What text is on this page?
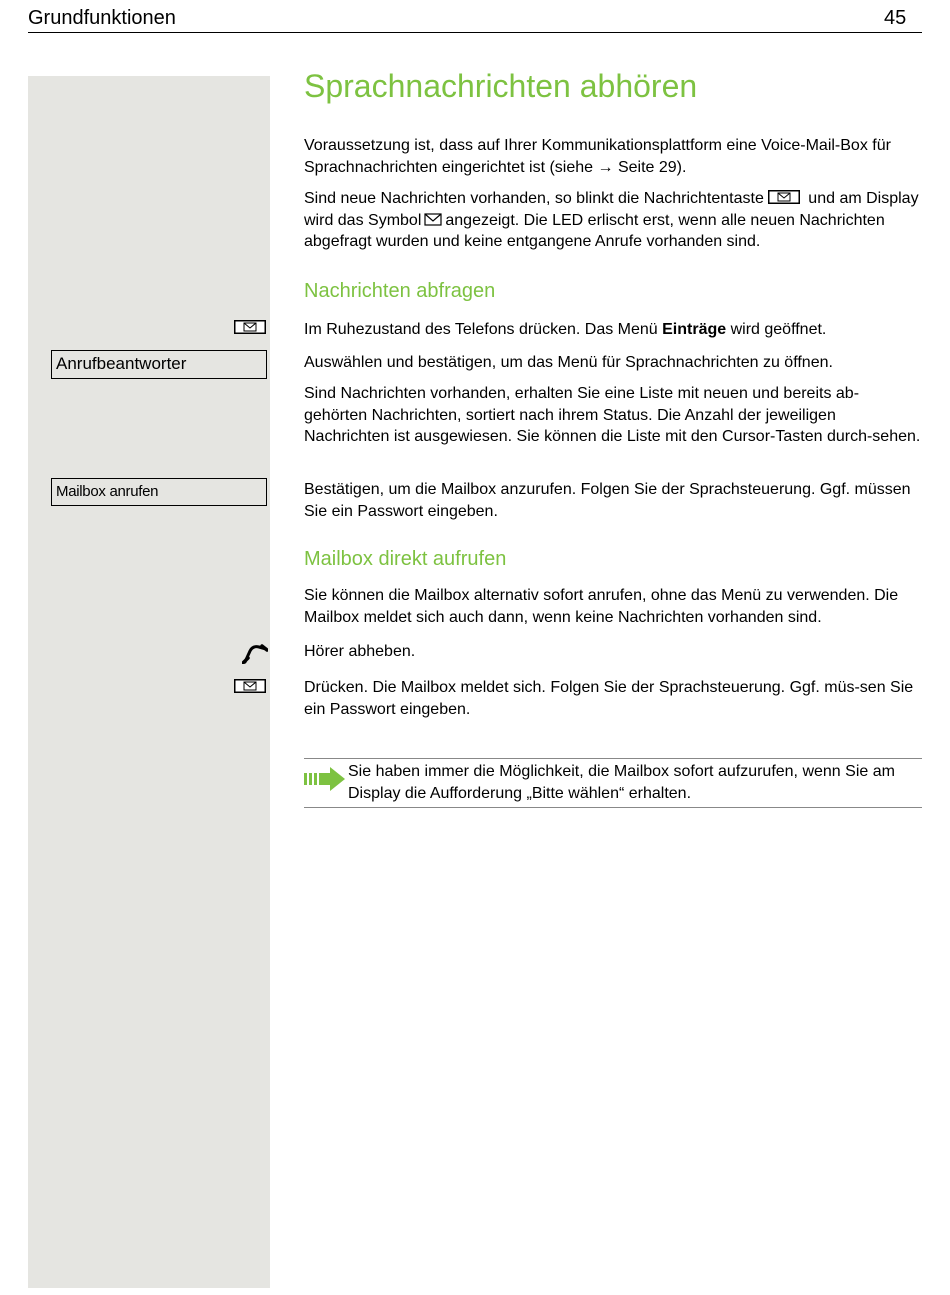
Grundfunktionen	45
Anrufbeantworter
Mailbox anrufen
Sprachnachrichten abhören
Voraussetzung ist, dass auf Ihrer Kommunikationsplattform eine Voice-Mail-Box für Sprachnachrichten eingerichtet ist (siehe → Seite 29).
Sind neue Nachrichten vorhanden, so blinkt die Nachrichtentaste	und am Display wird das Symbol angezeigt. Die LED erlischt erst, wenn alle neuen Nachrichten abgefragt wurden und keine entgangene Anrufe vorhanden sind.
Nachrichten abfragen
Im Ruhezustand des Telefons drücken. Das Menü Einträge wird geöffnet.
Auswählen und bestätigen, um das Menü für Sprachnachrichten zu öffnen.
Sind Nachrichten vorhanden, erhalten Sie eine Liste mit neuen und bereits ab-gehörten Nachrichten, sortiert nach ihrem Status. Die Anzahl der jeweiligen Nachrichten ist ausgewiesen. Sie können die Liste mit den Cursor-Tasten durch-sehen.
Bestätigen, um die Mailbox anzurufen. Folgen Sie der Sprachsteuerung. Ggf. müssen Sie ein Passwort eingeben.
Mailbox direkt aufrufen
Sie können die Mailbox alternativ sofort anrufen, ohne das Menü zu verwenden. Die Mailbox meldet sich auch dann, wenn keine Nachrichten vorhanden sind.
Hörer abheben.
Drücken. Die Mailbox meldet sich. Folgen Sie der Sprachsteuerung. Ggf. müs-sen Sie ein Passwort eingeben.
Sie haben immer die Möglichkeit, die Mailbox sofort aufzurufen, wenn Sie am Display die Aufforderung „Bitte wählen“ erhalten.
